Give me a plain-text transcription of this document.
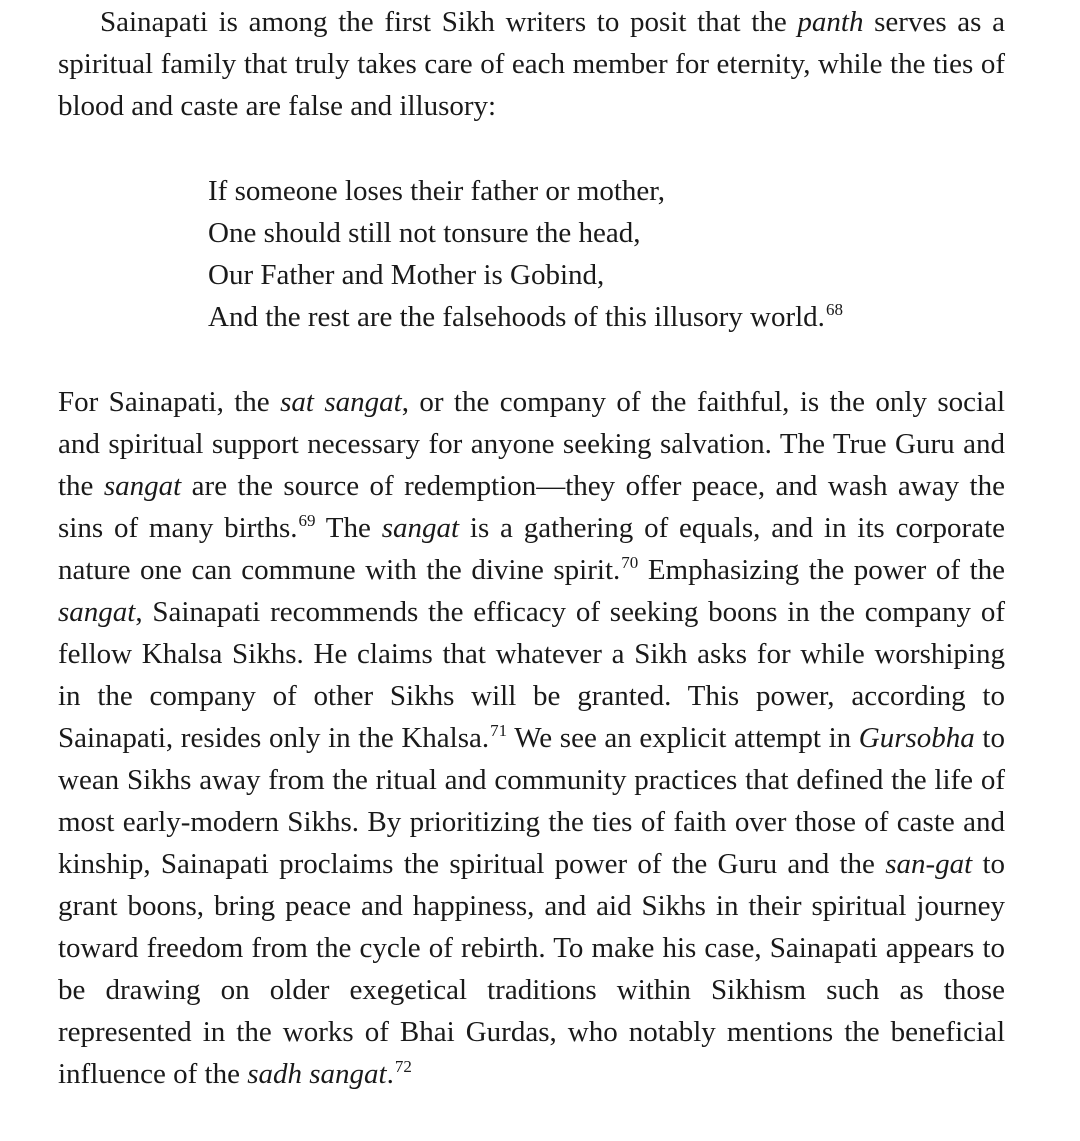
Sainapati is among the first Sikh writers to posit that the panth serves as a spiritual family that truly takes care of each member for eternity, while the ties of blood and caste are false and illusory:

If someone loses their father or mother,
One should still not tonsure the head,
Our Father and Mother is Gobind,
And the rest are the falsehoods of this illusory world.$^{68}$

For Sainapati, the sat sangat, or the company of the faithful, is the only social and spiritual support necessary for anyone seeking salvation. The True Guru and the sangat are the source of redemption—they offer peace, and wash away the sins of many births.$^{69}$ The sangat is a gathering of equals, and in its corporate nature one can commune with the divine spirit.$^{70}$ Emphasizing the power of the sangat, Sainapati recommends the efficacy of seeking boons in the company of fellow Khalsa Sikhs. He claims that whatever a Sikh asks for while worshiping in the company of other Sikhs will be granted. This power, according to Sainapati, resides only in the Khalsa.$^{71}$ We see an explicit attempt in Gursobha to wean Sikhs away from the ritual and community practices that defined the life of most early-modern Sikhs. By prioritizing the ties of faith over those of caste and kinship, Sainapati proclaims the spiritual power of the Guru and the san-gat to grant boons, bring peace and happiness, and aid Sikhs in their spiritual journey toward freedom from the cycle of rebirth. To make his case, Sainapati appears to be drawing on older exegetical traditions within Sikhism such as those represented in the works of Bhai Gurdas, who notably mentions the beneficial influence of the sadh sangat.$^{72}$
